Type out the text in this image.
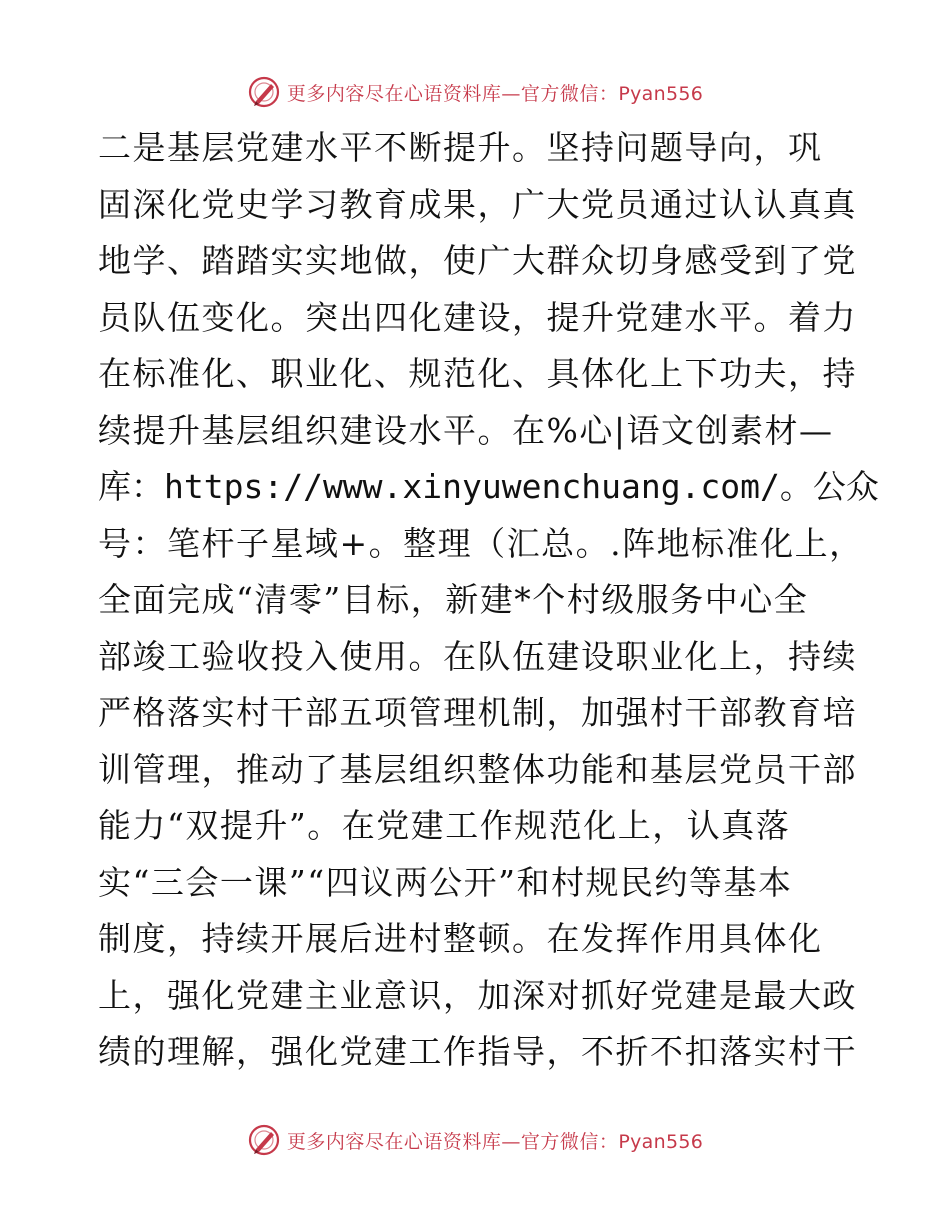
更多内容尽在心语资料库—官方微信：Pyan556
二是基层党建水平不断提升。坚持问题导向，巩
固深化党史学习教育成果，广大党员通过认认真真
地学、踏踏实实地做，使广大群众切身感受到了党
员队伍变化。突出四化建设，提升党建水平。着力
在标准化、职业化、规范化、具体化上下功夫，持
续提升基层组织建设水平。在%心|语文创素材—
库：https://www.xinyuwenchuang.com/。公众
号：笔杆子星域+。整理（汇总。.阵地标准化上，
全面完成“清零”目标，新建*个村级服务中心全
部竣工验收投入使用。在队伍建设职业化上，持续
严格落实村干部五项管理机制，加强村干部教育培
训管理，推动了基层组织整体功能和基层党员干部
能力“双提升”。在党建工作规范化上，认真落
实“三会一课”“四议两公开”和村规民约等基本
制度，持续开展后进村整顿。在发挥作用具体化
上，强化党建主业意识，加深对抓好党建是最大政
绩的理解，强化党建工作指导，不折不扣落实村干
更多内容尽在心语资料库—官方微信：Pyan556
